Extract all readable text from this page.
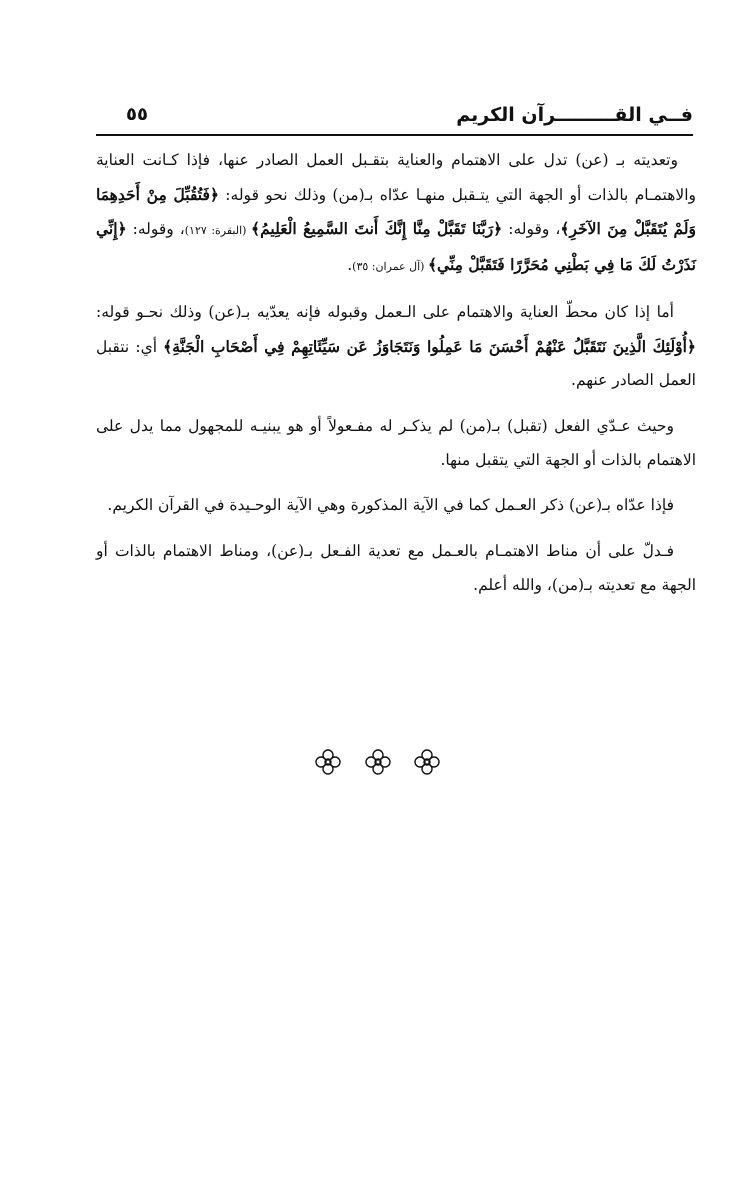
فــي القـــــــــرآن الكريم
٥٥

وتعديته بـ (عن) تدل على الاهتمام والعناية بتقـبل العمل الصادر عنها، فإذا كـانت العناية والاهتمـام بالذات أو الجهة التي يتـقبل منهـا عدّاه بـ(من) وذلك نحو قوله: ﴿فَتُقُبِّلَ مِنْ أَحَدِهِمَا وَلَمْ يُتَقَبَّلْ مِنَ الآخَرِ﴾، وقوله: ﴿رَبَّنَا تَقَبَّلْ مِنَّا إِنَّكَ أَنتَ السَّمِيعُ الْعَلِيمُ﴾ (البقرة: ١٢٧)، وقوله: ﴿إِنِّي نَذَرْتُ لَكَ مَا فِي بَطْنِي مُحَرَّرًا فَتَقَبَّلْ مِنِّي﴾ (آل عمران: ٣٥).

أما إذا كان محطّ العناية والاهتمام على الـعمل وقبوله فإنه يعدّيه بـ(عن) وذلك نحـو قوله: ﴿أُوْلَئِكَ الَّذِينَ نَتَقَبَّلُ عَنْهُمْ أَحْسَنَ مَا عَمِلُوا وَنَتَجَاوَزُ عَن سَيِّئَاتِهِمْ فِي أَصْحَابِ الْجَنَّةِ﴾ أي: نتقبل العمل الصادر عنهم.

وحيث عـدّي الفعل (تقبل) بـ(من) لم يذكـر له مفـعولاً أو هو يبنيـه للمجهول مما يدل على الاهتمام بالذات أو الجهة التي يتقبل منها.

فإذا عدّاه بـ(عن) ذكر العـمل كما في الآية المذكورة وهي الآية الوحـيدة في القرآن الكريم.

فـدلّ على أن مناط الاهتمـام بالعـمل مع تعدية الفـعل بـ(عن)، ومناط الاهتمام بالذات أو الجهة مع تعديته بـ(من)، والله أعلم.
